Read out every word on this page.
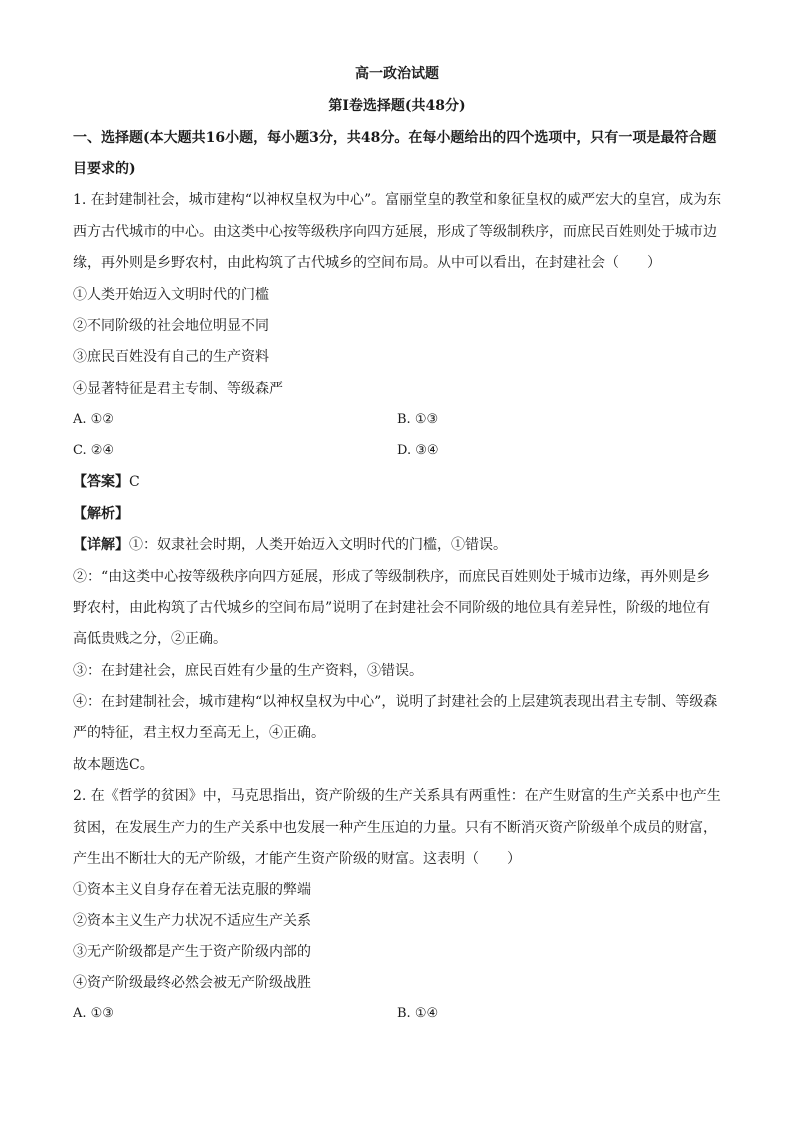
高一政治试题
第Ⅰ卷选择题(共48分)
一、选择题(本大题共16小题，每小题3分，共48分。在每小题给出的四个选项中，只有一项是最符合题
目要求的)
1. 在封建制社会，城市建构“以神权皇权为中心”。富丽堂皇的教堂和象征皇权的威严宏大的皇宫，成为东
西方古代城市的中心。由这类中心按等级秩序向四方延展，形成了等级制秩序，而庶民百姓则处于城市边
缘，再外则是乡野农村，由此构筑了古代城乡的空间布局。从中可以看出，在封建社会（　　）
①人类开始迈入文明时代的门槛
②不同阶级的社会地位明显不同
③庶民百姓没有自己的生产资料
④显著特征是君主专制、等级森严
A. ①②	B. ①③
C. ②④	D. ③④
【答案】C
【解析】
【详解】①：奴隶社会时期，人类开始迈入文明时代的门槛，①错误。
②：“由这类中心按等级秩序向四方延展，形成了等级制秩序，而庶民百姓则处于城市边缘，再外则是乡
野农村，由此构筑了古代城乡的空间布局”说明了在封建社会不同阶级的地位具有差异性，阶级的地位有
高低贵贱之分，②正确。
③：在封建社会，庶民百姓有少量的生产资料，③错误。
④：在封建制社会，城市建构“以神权皇权为中心”，说明了封建社会的上层建筑表现出君主专制、等级森
严的特征，君主权力至高无上，④正确。
故本题选C。
2. 在《哲学的贫困》中，马克思指出，资产阶级的生产关系具有两重性：在产生财富的生产关系中也产生
贫困，在发展生产力的生产关系中也发展一种产生压迫的力量。只有不断消灭资产阶级单个成员的财富，
产生出不断壮大的无产阶级，才能产生资产阶级的财富。这表明（　　）
①资本主义自身存在着无法克服的弊端
②资本主义生产力状况不适应生产关系
③无产阶级都是产生于资产阶级内部的
④资产阶级最终必然会被无产阶级战胜
A. ①③	B. ①④
